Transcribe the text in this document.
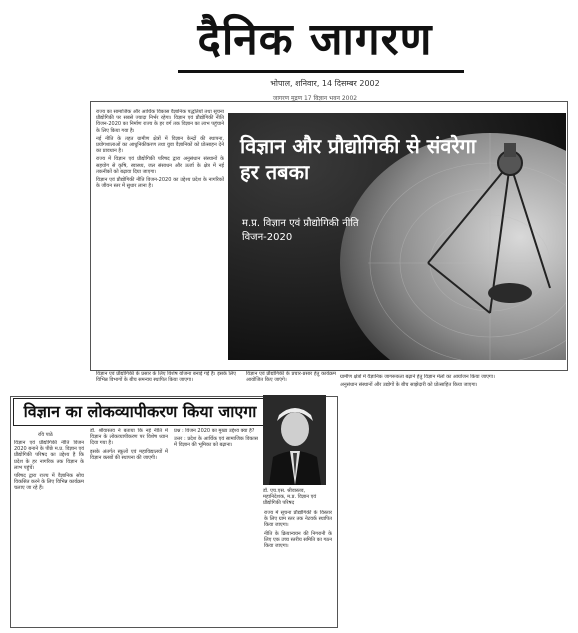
दैनिक जागरण
भोपाल, शनिवार, 14 दिसम्बर 2002
जागरण मुद्रण 17 विज्ञान भवन 2002

राज्य का सामाजिक और आर्थिक विकास वैज्ञानिक पद्धतियों तथा सूचना प्रौद्योगिकी पर सबसे ज्यादा निर्भर रहेगा। विज्ञान एवं प्रौद्योगिकी नीति विजन-2020 का निर्माण राज्य के हर वर्ग तक विज्ञान का लाभ पहुंचाने के लिए किया गया है।

नई नीति के तहत ग्रामीण क्षेत्रों में विज्ञान केन्द्रों की स्थापना, प्रयोगशालाओं का आधुनिकीकरण तथा युवा वैज्ञानिकों को प्रोत्साहन देने का प्रावधान है।

राज्य में विज्ञान एवं प्रौद्योगिकी परिषद द्वारा अनुसंधान संस्थानों के सहयोग से कृषि, स्वास्थ्य, जल संसाधन और ऊर्जा के क्षेत्र में नई तकनीकों को बढ़ावा दिया जाएगा।

विज्ञान एवं प्रौद्योगिकी नीति विजन-2020 का उद्देश्य प्रदेश के नागरिकों के जीवन स्तर में सुधार लाना है।

विज्ञान और प्रौद्योगिकी से संवरेगा हर तबका
म.प्र. विज्ञान एवं प्रौद्योगिकी नीति विजन-2020

विज्ञान एवं प्रौद्योगिकी के प्रसार के लिए विशेष योजना बनाई गई है। इसके लिए विभिन्न विभागों के बीच समन्वय स्थापित किया जाएगा।

विज्ञान एवं प्रौद्योगिकी के प्रचार-प्रसार हेतु कार्यक्रम आयोजित किए जाएंगे।

विज्ञान का लोकव्यापीकरण किया जाएगा
रवि पाठे
डॉ. एच.एस. श्रीवास्तव, महानिदेशक, म.प्र. विज्ञान एवं प्रौद्योगिकी परिषद

विज्ञान एवं प्रौद्योगिकी नीति विजन 2020 बनाने के पीछे म.प्र. विज्ञान एवं प्रौद्योगिकी परिषद का उद्देश्य है कि प्रदेश के हर नागरिक तक विज्ञान के लाभ पहुंचें।

परिषद द्वारा राज्य में वैज्ञानिक सोच विकसित करने के लिए विभिन्न कार्यक्रम चलाए जा रहे हैं।

डॉ. श्रीवास्तव ने बताया कि नई नीति में विज्ञान के लोकव्यापीकरण पर विशेष ध्यान दिया गया है।

इसके अंतर्गत स्कूलों एवं महाविद्यालयों में विज्ञान क्लबों की स्थापना की जाएगी।

प्रश्न : विजन 2020 का मुख्य उद्देश्य क्या है?

उत्तर : प्रदेश के आर्थिक एवं सामाजिक विकास में विज्ञान की भूमिका को बढ़ाना।

राज्य में सूचना प्रौद्योगिकी के विस्तार के लिए ग्राम स्तर तक नेटवर्क स्थापित किया जाएगा।

नीति के क्रियान्वयन की निगरानी के लिए एक उच्च स्तरीय समिति का गठन किया जाएगा।

ग्रामीण क्षेत्रों में वैज्ञानिक जागरूकता बढ़ाने हेतु विज्ञान मेलों का आयोजन किया जाएगा।

अनुसंधान संस्थानों और उद्योगों के बीच साझेदारी को प्रोत्साहित किया जाएगा।
